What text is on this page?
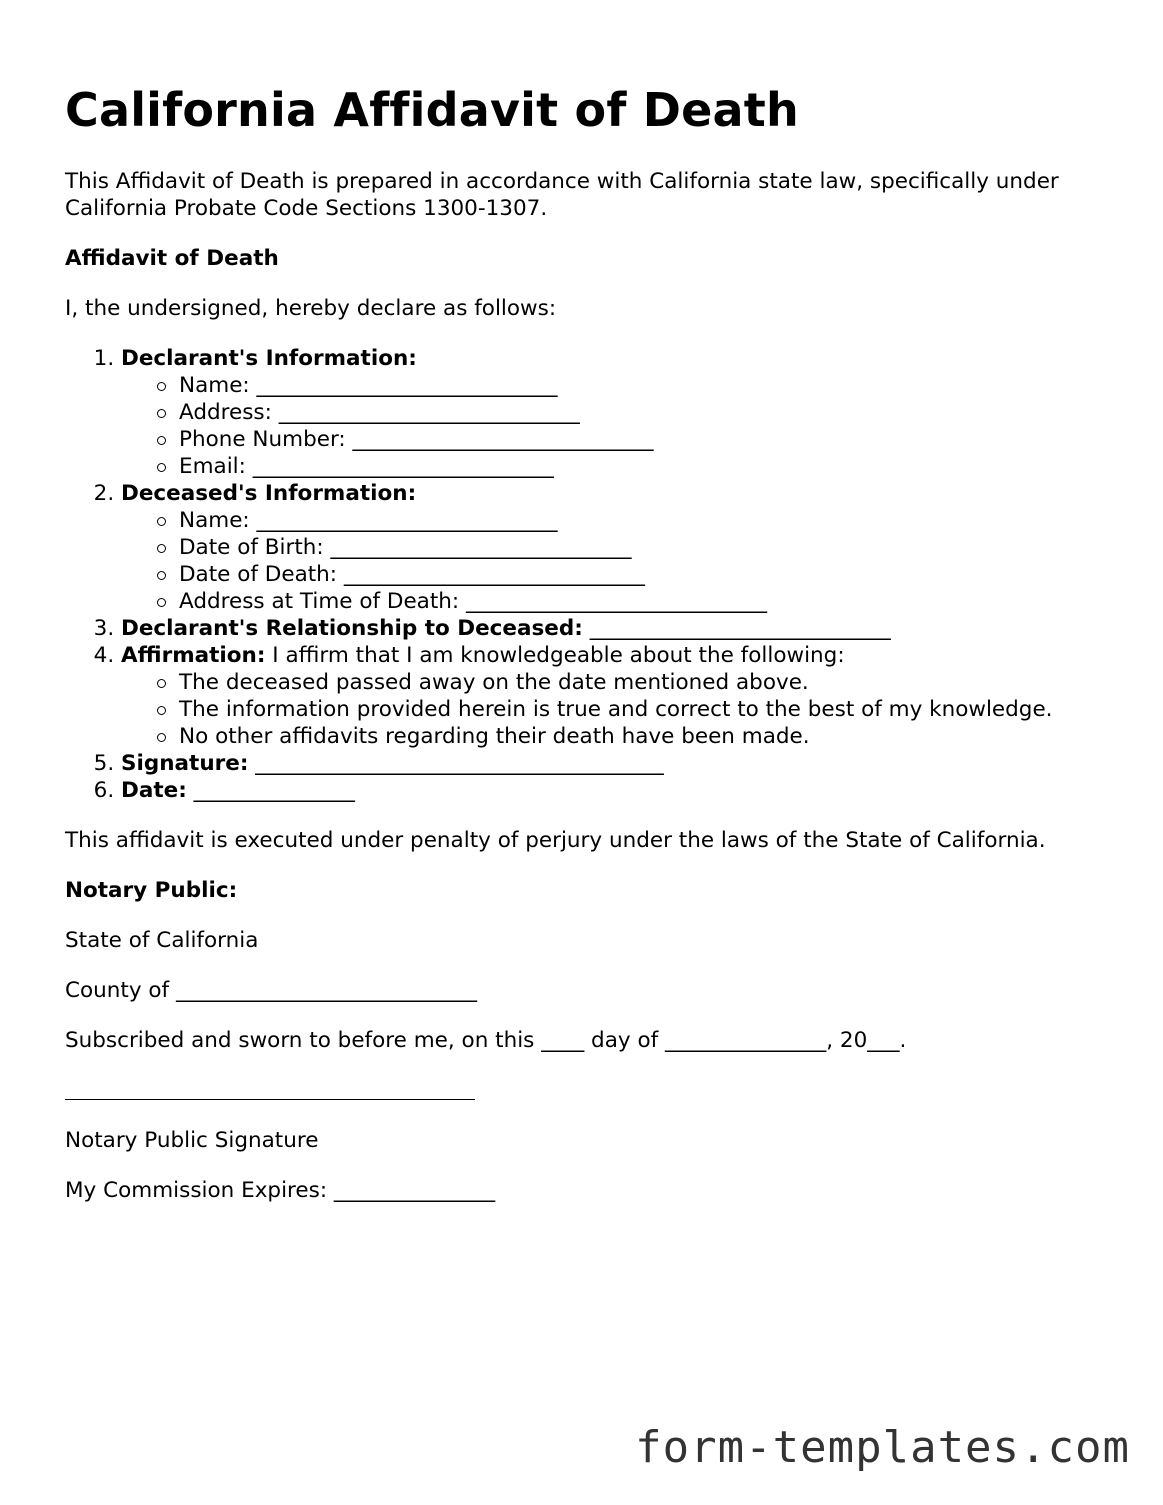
California Affidavit of Death

This Affidavit of Death is prepared in accordance with California state law, specifically under California Probate Code Sections 1300-1307.

Affidavit of Death

I, the undersigned, hereby declare as follows:

1. Declarant's Information:
Name: ____________________________
Address: ____________________________
Phone Number: ____________________________
Email: ____________________________
2. Deceased's Information:
Name: ____________________________
Date of Birth: ____________________________
Date of Death: ____________________________
Address at Time of Death: ____________________________
3. Declarant's Relationship to Deceased: ____________________________
4. Affirmation: I affirm that I am knowledgeable about the following:
The deceased passed away on the date mentioned above.
The information provided herein is true and correct to the best of my knowledge.
No other affidavits regarding their death have been made.
5. Signature: ______________________________________
6. Date: _______________

This affidavit is executed under penalty of perjury under the laws of the State of California.

Notary Public:

State of California

County of ____________________________

Subscribed and sworn to before me, on this ____ day of _______________, 20___.

Notary Public Signature

My Commission Expires: _______________

form-templates.com
